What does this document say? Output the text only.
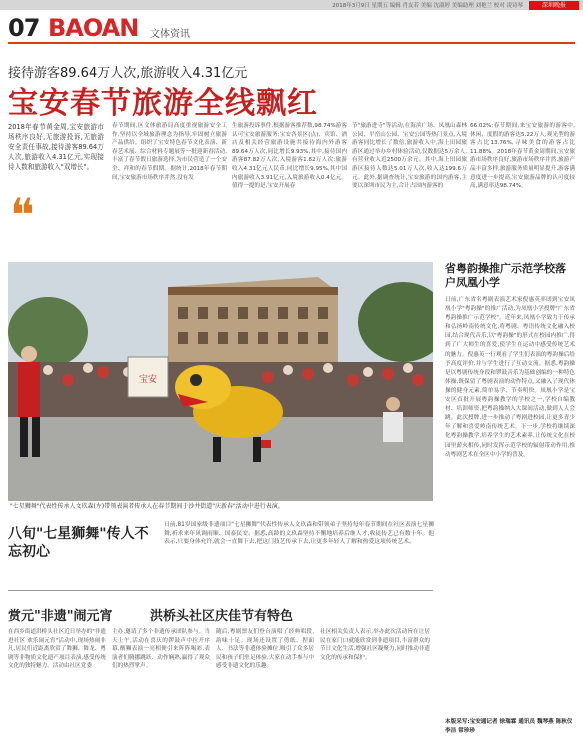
2018年3月9日 星期五 编辑 肖友若 美编 沈淑婷 美编助理 刘艳兰 校对 凌诗琴	深圳晚报
07 BAOAN 文体资讯
接待游客89.64万人次,旅游收入4.31亿元
宝安春节旅游全线飘红
2018年春节黄金周,宝安旅游市场秩序良好,无旅游投诉,无旅游安全责任事故,接待游客89.64万人次,旅游收入4.31亿元,实现接待人数和旅游收入"双增长"。
❝
春节期间,区文体旅游局高度重视旅游安全工作,坚持以全域旅游理念为指导,牢固树立旅游产品供给。组织了宝安特色春节文化表演、新春艺术展、综合材料专题展等一批迎新春活动,丰富了春节假日旅游选择,为市民营造了一个安全、祥和的春节假期。据统计,2018年春节期间,宝安旅游市场秩序井然,没有发
生旅游投诉事件,根据游客推荐数,98.74%游客认可宝安旅游服务;宝安各景区(点)、宾馆、酒店及相关经营旅游设施共接待海内外游客89.64万人次,同比增长9.93%,其中,接待国内游客87.82万人次,入境游客1.82万人次;旅游收入4.31亿元人民币,同比增长9.95%,其中国内旅游收入3.91亿元,入境旅游收入0.4亿元。值得一提的是,宝安开展春
节"旅游进寺"等活动,在海滨广场、凤凰山森林公园、平峦山公园、宝安公园等热门景点,入境游客同比增长了数倍,旅游收入中,海上田园旅游区通过举办乡村体验活动,仅数据达5万余人,有营业收入近2500万余元。其中,海上田园旅游区接待人数达5.01万人次,收入达199.6万元。此外,据调查统计,宝安旅游的国内游客,主要以深圳市民为主,合计占国内游客的
66.02%;春节期间,来宝安旅游的游客中,休闲、度假的游客达5.22万人,观光型的游客占比13.76%,寻味美食的游客占比11.88%。2018年春节黄金周期间,宝安旅游市场秩序良好,旅游市场秩序井然,旅游产品丰富多样,旅游服务质量明显提升,游客满意度进一步提高,宝安旅游品牌的认可度较高,满意率达98.74%。
宝安
"七星狮舞"代表性传承人文玖森(左)带领表演者传承人在春节期间于沙井街道"庆新春"活动中进行表演。
省粤韵操推广示范学校落户凤凰小学
日前,广东省名粤剧表演艺术家倪惠英率团到宝安凤凰小学"粤韵操"的推广活动,为凤凰小学授牌"广东省粤韵操推广示范学校"。近年来,凤凰小学致力于传承和弘扬岭南传统文化,将粤剧、粤语传统文化融入校园,结合现代音乐,以"粤韵操"的形式在校园内推广,得到了广大师生的喜爱,使学生在运动中感受传统艺术的魅力。倪惠英一行观看了学生们表演的粤韵操后给予高度评价,并与学生进行了互动交流。据悉,粤韵操是以粤剧传统身段和锣鼓音乐为基础创编的一种特色体操,既保留了粤剧表演的动作特点,又融入了现代体操的健身元素,简单易学、节奏明快。凤凰小学是宝安区首批开展粤韵操教学的学校之一,学校自编教材、培训师资,把粤韵操纳入大课间活动,做到人人会跳。此次授牌,进一步推动了粤剧进校园,让更多青少年了解和喜爱岭南传统艺术。下一步,学校将继续深化粤韵操教学,培养学生的艺术素养,让传统文化在校园里薪火相传,同时发挥示范学校的辐射带动作用,推动粤剧艺术在全区中小学的普及。
本版采写:宝安通记者 徐瑞霖 通讯员 魏琴燕 陈秋仪 李洁 常珍珍
八旬"七星狮舞"传人不忘初心
日前,81岁国家级非遗项目"七星狮舞"代表性传承人文玖森和带领弟子坚持每年春节期间在社区表演七星狮舞,祈求来年风调雨顺、国泰民安。据悉,高龄的文玖森坚持不懈地培养后继人才,收徒传艺已有数十年。他表示,只要身体允许,就会一直舞下去,把这门技艺传承下去,让更多年轻人了解和热爱这项传统艺术。
赏元"非遗"闹元宵	洪桥头社区庆佳节有特色
在西乡街道洪桥头社区近日举办的"非遗进社区 欢乐闹元宵"活动中,现场热闹非凡,居民们近距离欣赏了舞狮、舞龙、粤剧等非物质文化遗产项目表演,感受传统文化的独特魅力。活动由社区党委
主办,邀请了多个非遗传承团队参与。当天上午,活动在喜庆的锣鼓声中拉开序幕,醒狮表演一亮相便引来阵阵喝彩,表演者们腾挪跳跃、动作娴熟,赢得了观众们的热烈掌声。
随后,粤剧票友们登台演唱了经典唱段,韵味十足。现场还设置了剪纸、捏面人、书法等非遗体验摊位,吸引了众多居民和孩子们驻足体验,大家在动手参与中感受非遗文化的乐趣。
社区相关负责人表示,举办此次活动旨在让居民在家门口就能欣赏到非遗项目,丰富群众的节日文化生活,增强社区凝聚力,同时推动非遗文化的传承和保护。
